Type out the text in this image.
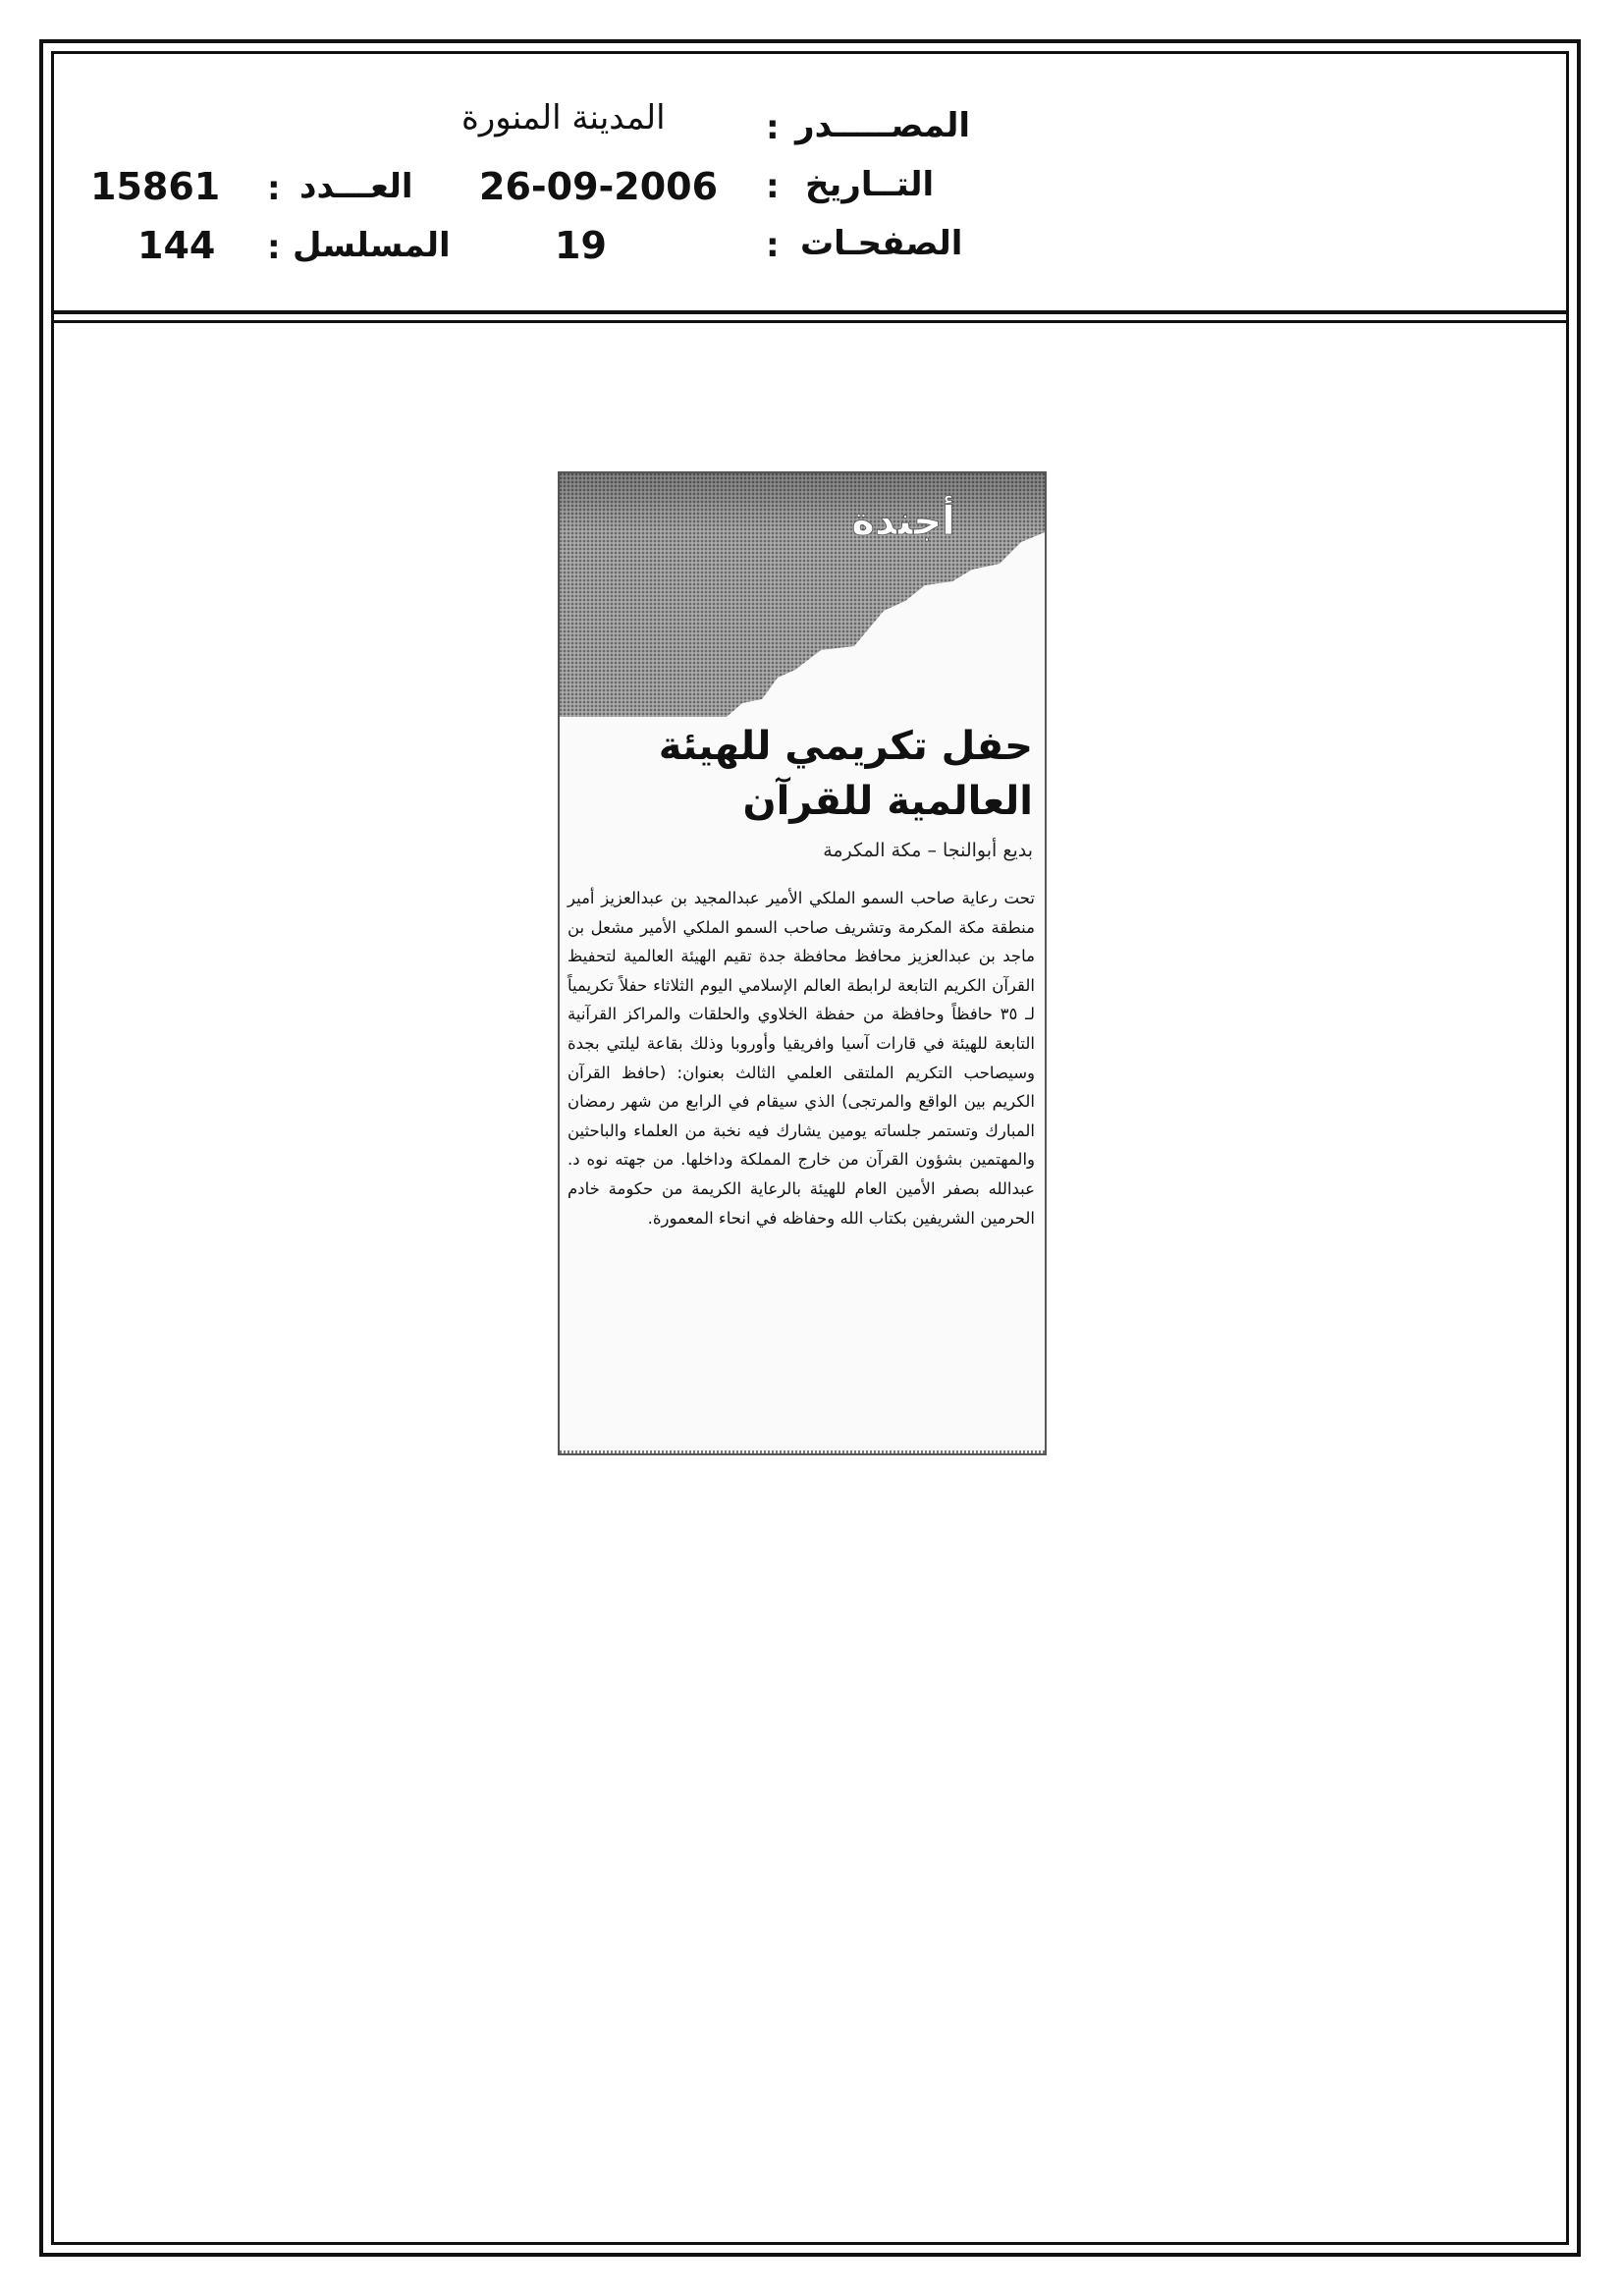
المصـــــدر
:
المدينة المنورة
التــاريخ
:
26-09-2006
العـــدد
:
15861
الصفحـات
:
19
المسلسل
:
144
أجندة
حفل تكريمي للهيئة العالمية للقرآن
بديع أبوالنجا – مكة المكرمة
تحت رعاية صاحب السمو الملكي الأمير عبدالمجيد بن عبدالعزيز أمير منطقة مكة المكرمة وتشريف صاحب السمو الملكي الأمير مشعل بن ماجد بن عبدالعزيز محافظ محافظة جدة تقيم الهيئة العالمية لتحفيظ القرآن الكريم التابعة لرابطة العالم الإسلامي اليوم الثلاثاء حفلاً تكريمياً لـ ٣٥ حافظاً وحافظة من حفظة الخلاوي والحلقات والمراكز القرآنية التابعة للهيئة في قارات آسيا وافريقيا وأوروبا وذلك بقاعة ليلتي بجدة وسيصاحب التكريم الملتقى العلمي الثالث بعنوان: (حافظ القرآن الكريم بين الواقع والمرتجى) الذي سيقام في الرابع من شهر رمضان المبارك وتستمر جلساته يومين يشارك فيه نخبة من العلماء والباحثين والمهتمين بشؤون القرآن من خارج المملكة وداخلها. من جهته نوه د. عبدالله بصفر الأمين العام للهيئة بالرعاية الكريمة من حكومة خادم الحرمين الشريفين بكتاب الله وحفاظه في انحاء المعمورة.
